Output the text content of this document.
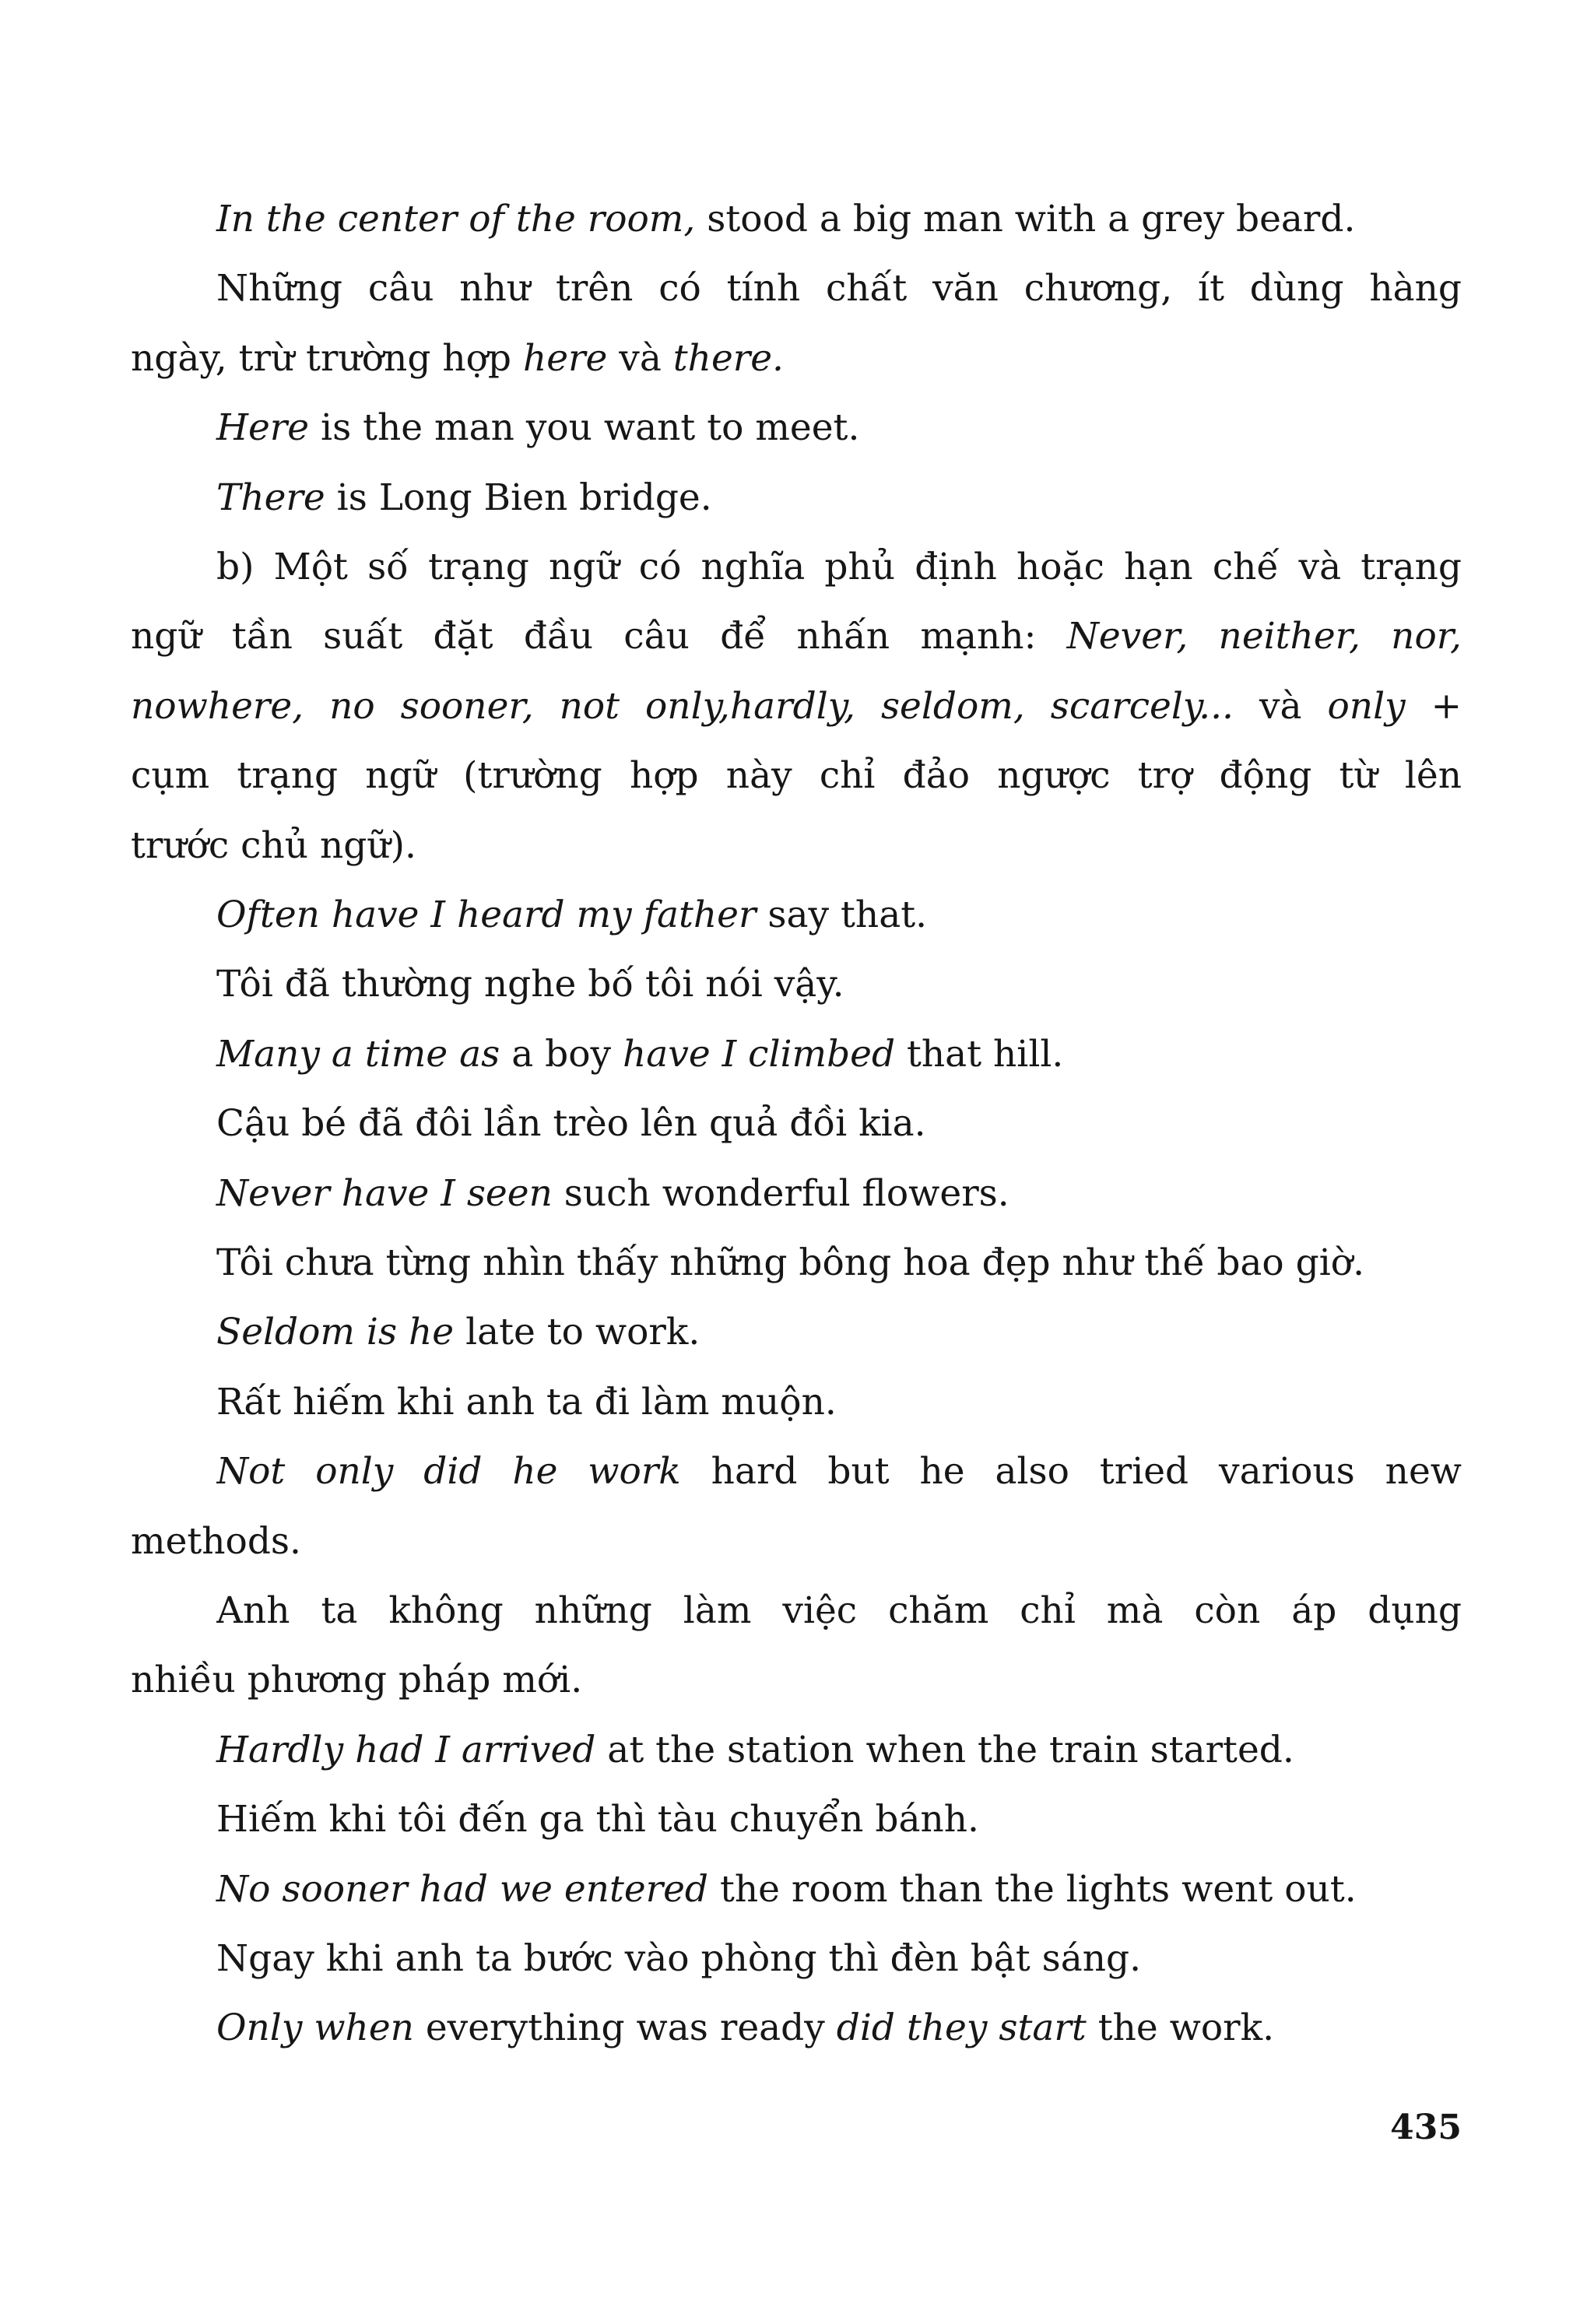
In the center of the room, stood a big man with a grey beard.
Những câu như trên có tính chất văn chương, ít dùng hàng
ngày, trừ trường hợp here và there.
Here is the man you want to meet.
There is Long Bien bridge.
b) Một số trạng ngữ có nghĩa phủ định hoặc hạn chế và trạng
ngữ tần suất đặt đầu câu để nhấn mạnh: Never, neither, nor,
nowhere, no sooner, not only,hardly, seldom, scarcely... và only +
cụm trạng ngữ (trường hợp này chỉ đảo ngược trợ động từ lên
trước chủ ngữ).
Often have I heard my father say that.
Tôi đã thường nghe bố tôi nói vậy.
Many a time as a boy have I climbed that hill.
Cậu bé đã đôi lần trèo lên quả đồi kia.
Never have I seen such wonderful flowers.
Tôi chưa từng nhìn thấy những bông hoa đẹp như thế bao giờ.
Seldom is he late to work.
Rất hiếm khi anh ta đi làm muộn.
Not only did he work hard but he also tried various new
methods.
Anh ta không những làm việc chăm chỉ mà còn áp dụng
nhiều phương pháp mới.
Hardly had I arrived at the station when the train started.
Hiếm khi tôi đến ga thì tàu chuyển bánh.
No sooner had we entered the room than the lights went out.
Ngay khi anh ta bước vào phòng thì đèn bật sáng.
Only when everything was ready did they start the work.
435
